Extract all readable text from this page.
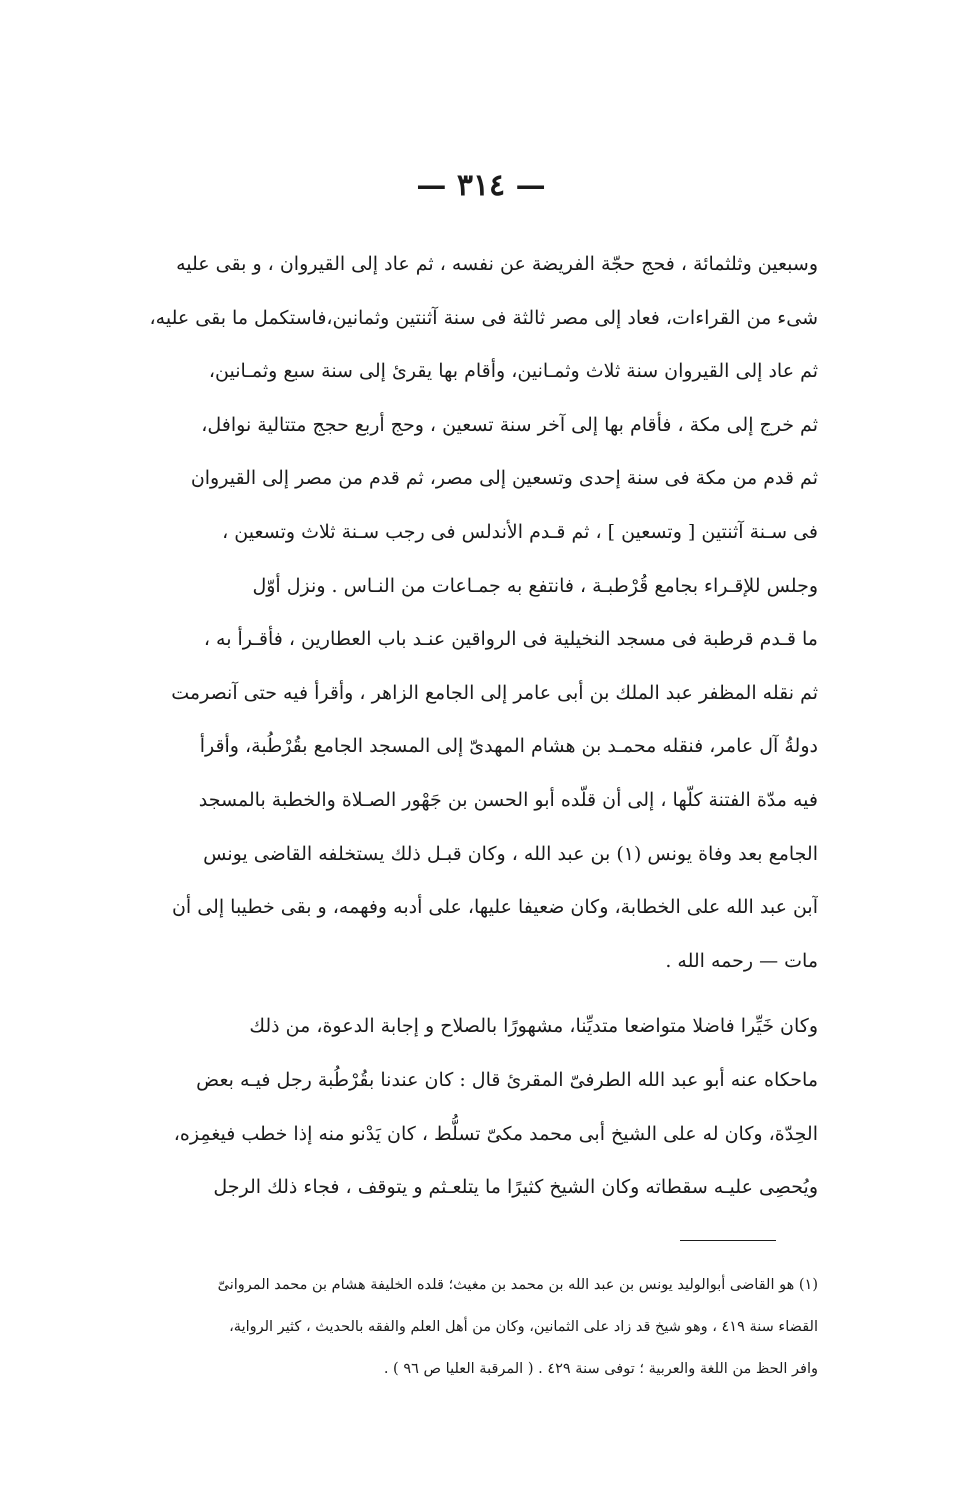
— ٣١٤ —
وسبعين وثلثمائة ، فحج حجّة الفريضة عن نفسه ، ثم عاد إلى القيروان ، و بقى عليه
شىء من القراءات، فعاد إلى مصر ثالثة فى سنة آثنتين وثمانين،فاستكمل ما بقى عليه،
ثم عاد إلى القيروان سنة ثلاث وثمـانين، وأقام بها يقرئ إلى سنة سبع وثمـانين،
ثم خرج إلى مكة ، فأقام بها إلى آخر سنة تسعين ، وحج أربع حجج متتالية نوافل،
ثم قدم من مكة فى سنة إحدى وتسعين إلى مصر، ثم قدم من مصر إلى القيروان
فى سـنة آثنتين [ وتسعين ] ، ثم قـدم الأندلس فى رجب سـنة ثلاث وتسعين ،
وجلس للإقـراء بجامع قُرْطبـة ، فانتفع به جمـاعات من النـاس . ونزل أوّل
ما قـدم قرطبة فى مسجد النخيلية فى الرواقين عنـد باب العطارين ، فأقـرأ به ،
ثم نقله المظفر عبد الملك بن أبى عامر إلى الجامع الزاهر ، وأقرأ فيه حتى آنصرمت
دولةُ آل عامر، فنقله محمـد بن هشام المهدىّ إلى المسجد الجامع بقُرْطُبة، وأقرأ
فيه مدّة الفتنة كلّها ، إلى أن قلّده أبو الحسن بن جَهْور الصـلاة والخطبة بالمسجد
الجامع بعد وفاة يونس (١) بن عبد الله ، وكان قبـل ذلك يستخلفه القاضى يونس
آبن عبد الله على الخطابة، وكان ضعيفا عليها، على أدبه وفهمه، و بقى خطيبا إلى أن
مات — رحمه الله .
وكان خَيِّرا فاضلا متواضعا متديِّنا، مشهورًا بالصلاح و إجابة الدعوة، من ذلك
ماحكاه عنه أبو عبد الله الطرفىّ المقرئ قال : كان عندنا بقُرْطُبة رجل فيـه بعض
الحِدّة، وكان له على الشيخ أبى محمد مكىّ تسلُّط ، كان يَدْنو منه إذا خطب فيغمِزه،
ويُحصِى عليـه سقطاته وكان الشيخ كثيرًا ما يتلعـثم و يتوقف ، فجاء ذلك الرجل
(١) هو القاضى أبوالوليد يونس بن عبد الله بن محمد بن مغيث؛ قلده الخليفة هشام بن محمد المروانىّ
القضاء سنة ٤١٩ ، وهو شيخ قد زاد على الثمانين، وكان من أهل العلم والفقه بالحديث ، كثير الرواية،
وافر الحظ من اللغة والعربية ؛ توفى سنة ٤٢٩ . ( المرقبة العليا ص ٩٦ ) .
